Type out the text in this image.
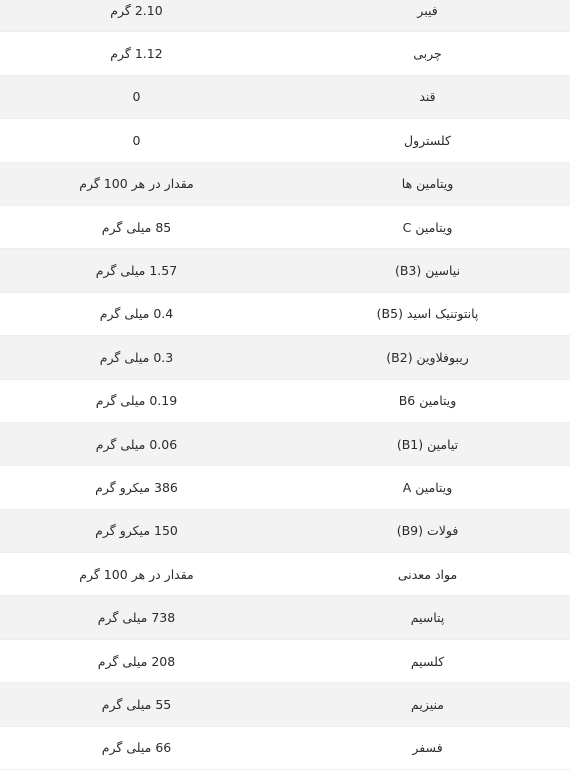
فیبر
2.10 گرم
چربی
1.12 گرم
قند
0
کلسترول
0
ویتامین ها
مقدار در هر 100 گرم
ویتامین C
85 میلی گرم
نیاسین (B3)
1.57 میلی گرم
پانتوتنیک اسید (B5)
0.4 میلی گرم
ریبوفلاوین (B2)
0.3 میلی گرم
ویتامین B6
0.19 میلی گرم
تیامین (B1)
0.06 میلی گرم
ویتامین A
386 میکرو گرم
فولات (B9)
150 میکرو گرم
مواد معدنی
مقدار در هر 100 گرم
پتاسیم
738 میلی گرم
کلسیم
208 میلی گرم
منیزیم
55 میلی گرم
فسفر
66 میلی گرم
